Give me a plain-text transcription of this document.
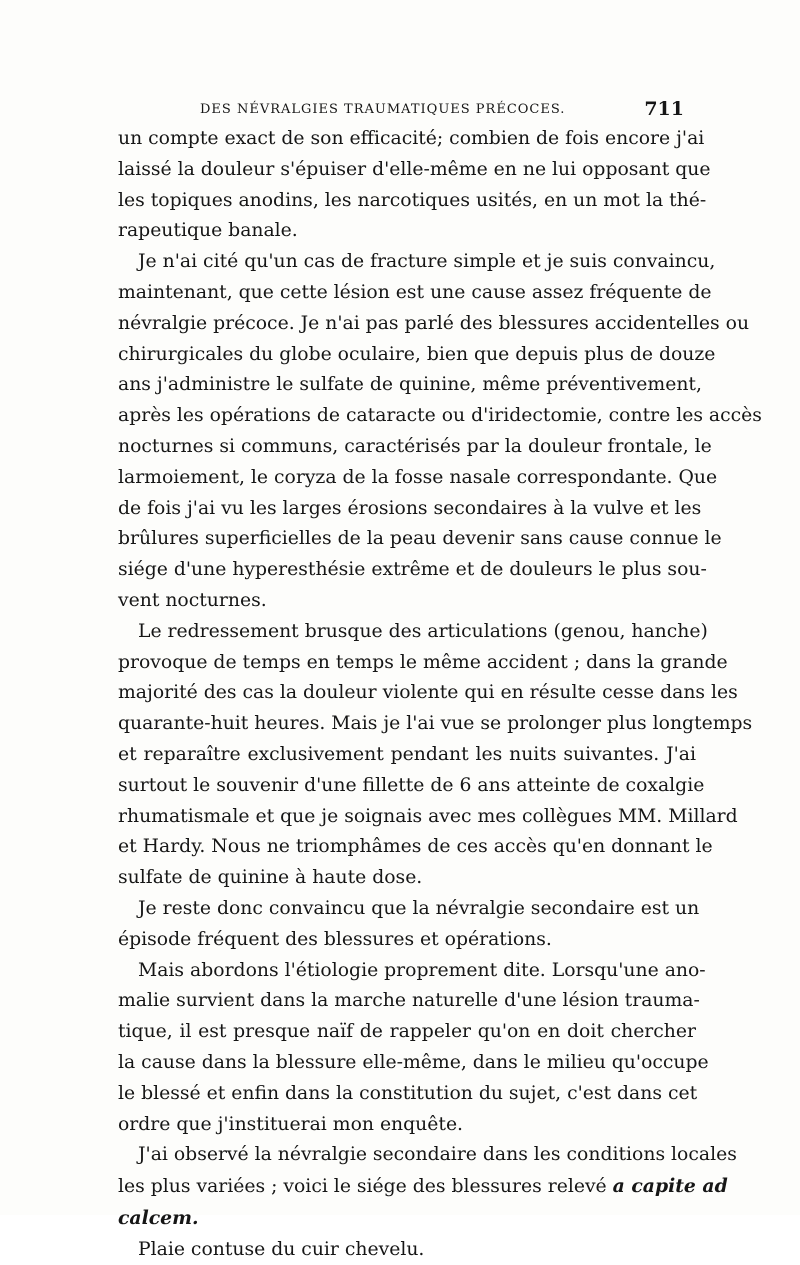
DES NÉVRALGIES TRAUMATIQUES PRÉCOCES.	711
un compte exact de son efficacité; combien de fois encore j'ai
laissé la douleur s'épuiser d'elle-même en ne lui opposant que
les topiques anodins, les narcotiques usités, en un mot la thé-
rapeutique banale.
Je n'ai cité qu'un cas de fracture simple et je suis convaincu,
maintenant, que cette lésion est une cause assez fréquente de
névralgie précoce. Je n'ai pas parlé des blessures accidentelles ou
chirurgicales du globe oculaire, bien que depuis plus de douze
ans j'administre le sulfate de quinine, même préventivement,
après les opérations de cataracte ou d'iridectomie, contre les accès
nocturnes si communs, caractérisés par la douleur frontale, le
larmoiement, le coryza de la fosse nasale correspondante. Que
de fois j'ai vu les larges érosions secondaires à la vulve et les
brûlures superficielles de la peau devenir sans cause connue le
siége d'une hyperesthésie extrême et de douleurs le plus sou-
vent nocturnes.
Le redressement brusque des articulations (genou, hanche)
provoque de temps en temps le même accident ; dans la grande
majorité des cas la douleur violente qui en résulte cesse dans les
quarante-huit heures. Mais je l'ai vue se prolonger plus longtemps
et reparaître exclusivement pendant les nuits suivantes. J'ai
surtout le souvenir d'une fillette de 6 ans atteinte de coxalgie
rhumatismale et que je soignais avec mes collègues MM. Millard
et Hardy. Nous ne triomphâmes de ces accès qu'en donnant le
sulfate de quinine à haute dose.
Je reste donc convaincu que la névralgie secondaire est un
épisode fréquent des blessures et opérations.
Mais abordons l'étiologie proprement dite. Lorsqu'une ano-
malie survient dans la marche naturelle d'une lésion trauma-
tique, il est presque naïf de rappeler qu'on en doit chercher
la cause dans la blessure elle-même, dans le milieu qu'occupe
le blessé et enfin dans la constitution du sujet, c'est dans cet
ordre que j'instituerai mon enquête.
J'ai observé la névralgie secondaire dans les conditions locales
les plus variées ; voici le siége des blessures relevé a capite ad
calcem.
Plaie contuse du cuir chevelu.
